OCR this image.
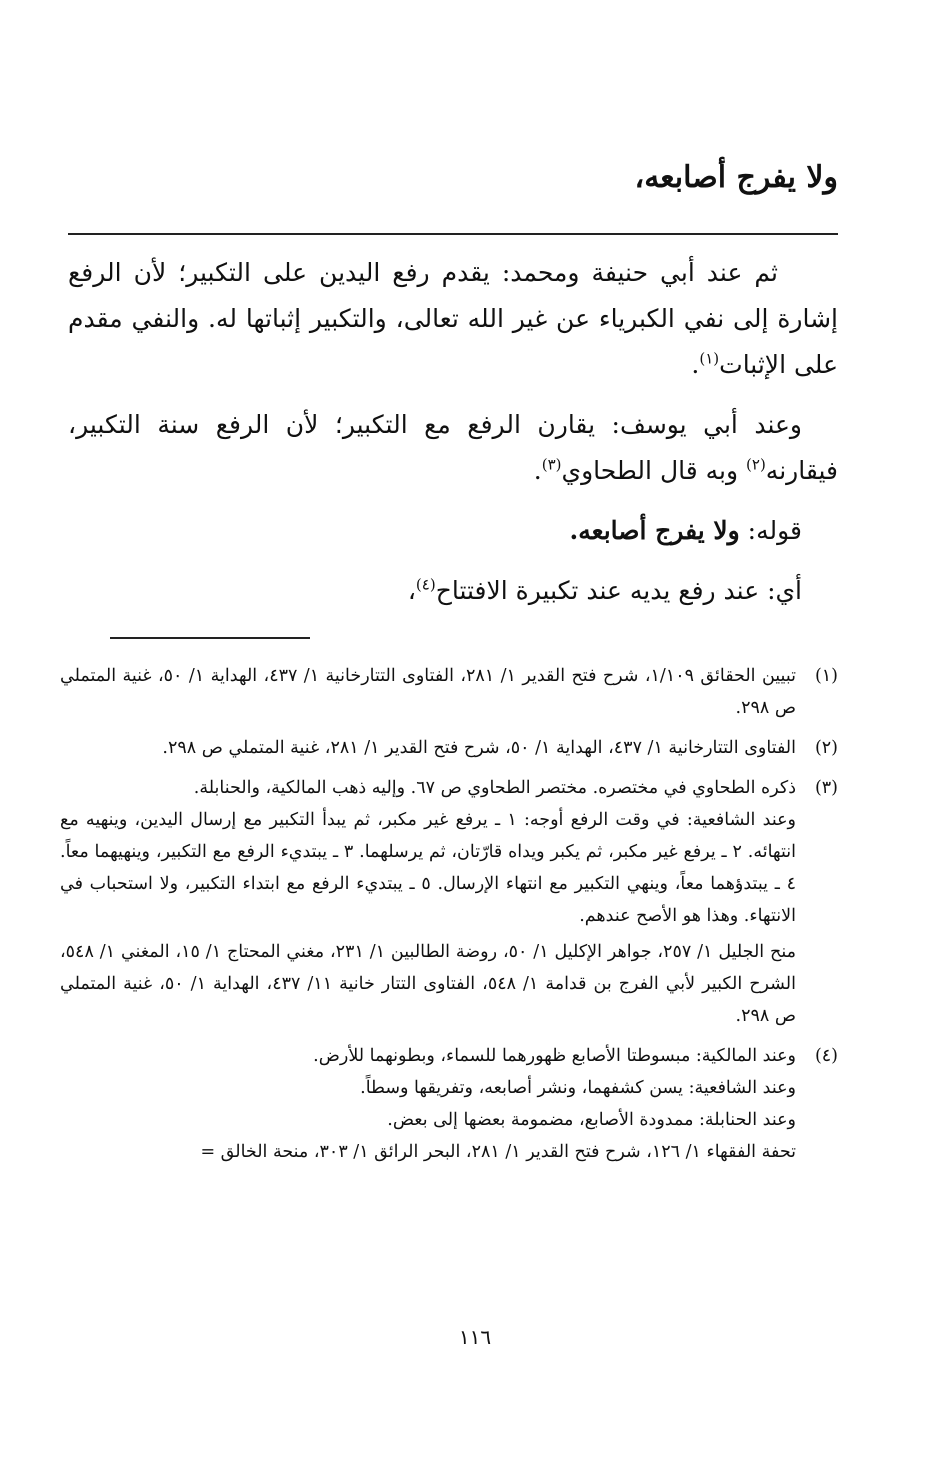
ولا يفرج أصابعه،

ثم عند أبي حنيفة ومحمد: يقدم رفع اليدين على التكبير؛ لأن الرفع إشارة إلى نفي الكبرياء عن غير الله تعالى، والتكبير إثباتها له. والنفي مقدم على الإثبات$^{(١)}$.

وعند أبي يوسف: يقارن الرفع مع التكبير؛ لأن الرفع سنة التكبير، فيقارنه$^{(٢)}$ وبه قال الطحاوي$^{(٣)}$.

قوله: ولا يفرج أصابعه.

أي: عند رفع يديه عند تكبيرة الافتتاح$^{(٤)}$،

(١)
تبيين الحقائق ١/١٠٩، شرح فتح القدير ١/ ٢٨١، الفتاوى التتارخانية ١/ ٤٣٧، الهداية ١/ ٥٠، غنية المتملي ص ٢٩٨.
(٢)
الفتاوى التتارخانية ١/ ٤٣٧، الهداية ١/ ٥٠، شرح فتح القدير ١/ ٢٨١، غنية المتملي ص ٢٩٨.
(٣)
ذكره الطحاوي في مختصره. مختصر الطحاوي ص ٦٧. وإليه ذهب المالكية، والحنابلة.
وعند الشافعية: في وقت الرفع أوجه: ١ ـ يرفع غير مكبر، ثم يبدأ التكبير مع إرسال اليدين، وينهيه مع انتهائه. ٢ ـ يرفع غير مكبر، ثم يكبر ويداه قارّتان، ثم يرسلهما. ٣ ـ يبتديء الرفع مع التكبير، وينهيهما معاً. ٤ ـ يبتدؤهما معاً، وينهي التكبير مع انتهاء الإرسال. ٥ ـ يبتديء الرفع مع ابتداء التكبير، ولا استحباب في الانتهاء. وهذا هو الأصح عندهم.
منح الجليل ١/ ٢٥٧، جواهر الإكليل ١/ ٥٠، روضة الطالبين ١/ ٢٣١، مغني المحتاج ١/ ١٥، المغني ١/ ٥٤٨، الشرح الكبير لأبي الفرج بن قدامة ١/ ٥٤٨، الفتاوى التتار خانية ١١/ ٤٣٧، الهداية ١/ ٥٠، غنية المتملي ص ٢٩٨.
(٤)
وعند المالكية: مبسوطتا الأصابع ظهورهما للسماء، وبطونهما للأرض.
وعند الشافعية: يسن كشفهما، ونشر أصابعه، وتفريقها وسطاً.
وعند الحنابلة: ممدودة الأصابع، مضمومة بعضها إلى بعض.
تحفة الفقهاء ١/ ١٢٦، شرح فتح القدير ١/ ٢٨١، البحر الرائق ١/ ٣٠٣، منحة الخالق =
١١٦
